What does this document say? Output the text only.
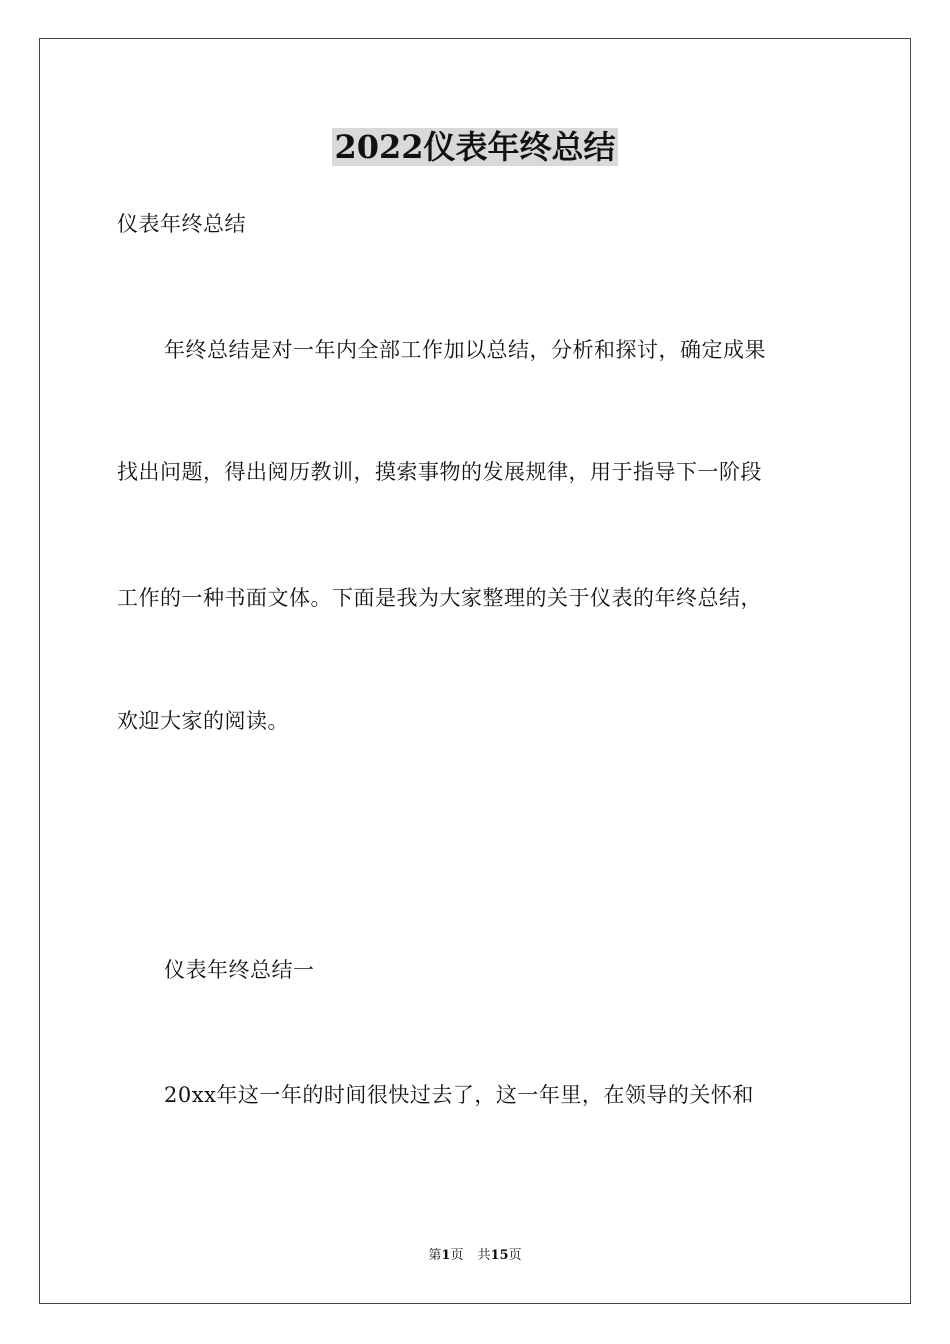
2022仪表年终总结
仪表年终总结
年终总结是对一年内全部工作加以总结，分析和探讨，确定成果
找出问题，得出阅历教训，摸索事物的发展规律，用于指导下一阶段
工作的一种书面文体。下面是我为大家整理的关于仪表的年终总结，
欢迎大家的阅读。
仪表年终总结一
20xx年这一年的时间很快过去了，这一年里，在领导的关怀和
第1页 共15页
